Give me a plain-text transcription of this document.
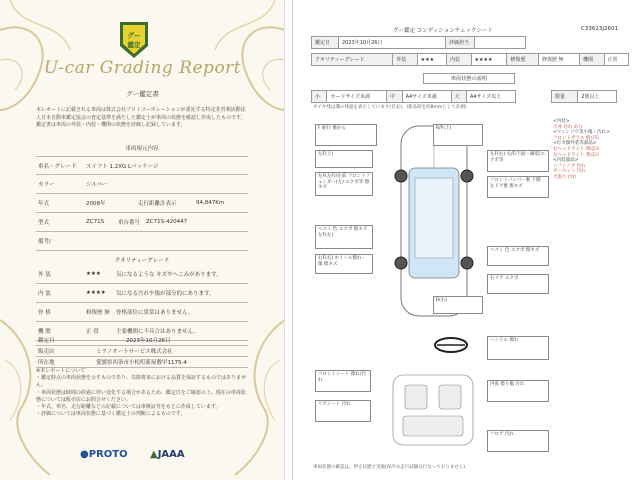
グー
鑑定
U-car Grading Report
グー鑑定書
本レポートに記載される車両は株式会社プロトコーポレーションが委託する特定非営利活動法人日本自動車鑑定協会の査定基準を満たした鑑定士が車両の状態を確認し作成したものです。鑑定書は車両の外装・内装・機関の状態を評価し記録しています。
車両規元内容
車名・グレード	スイフト 1.2XG Lパッケージ
カラー	シルバー
年式	2008年	走行距離計表示	94,847Km
型式	ZC71S	車台番号	ZC71S-420447
備考/
クオリティーグレード
外 装	★★★	気になるような キズやへこみがあります。
内 装	★★★★	気になる汚れや傷が部分的にあります。
骨 格	修復歴 無	骨格部位に異常はありません。
機 関	正 常	主要機関に不具合はありません。
鑑定日	2023年10月26日
販売店	ミラノオートサービス株式会社
所在地	愛媛県西条市小松町新屋敷甲1175-4
※本レポートについて
・鑑定時点の車両状態を示すものであり、以降将来における品質を保証するものではありません。
・車両状態は時間の経過に伴い変化する場合があるため、鑑定日をご確認の上、現在の車両状態については販売店にお問合せください。
・年式、車名、走行距離などの記載については車検証等をもとに作成しています。
・評価については車両状態に基づく鑑定士の判断によるものです。
●PROTO ▲JAAA
グー鑑定 コンディションチェックシート	C33623J2601
鑑定日	2023年10月26日	評価担当	
クオリティーグレード	外装	★★★	内装	★★★★	修復歴	修復歴 無	機関	正常
車両状態の説明
小	カードサイズ未満	中	A4サイズ未満	大	A4サイズ以上	数量	2箇以上
タイヤ残は溝の残量を表示しています(目安)。(新品時を約8mmとして計測)
F 蛇行 裏から	R/F(上)
左F(上)	左F(右) 左/F/下面・線装/エクボ等
左F(左F)/左前 フロントフェンダー(左) エクボ等 擦キズ
フロントバンパー裏 下側 左ドア裏 擦キズ
ヘコミ 色 エクボ 擦キズ 左F(左)
右F(右) ホイール擦れ・傷 擦キズ
ヘコミ 色 エクボ 擦キズ
右リア エクボ
R(右)
<内装>
天井 汚れ あり
<ウィンドウ等小傷・汚れ>
フロントガラス 飛び石
<灯火類外装等部品>
右ヘッドライト 黄ばみ
左ヘッドライト 黄ばみ
<内装部品>
シフトノブ 汚れ
カーペット 汚れ
天張り 汚れ
ハンドル 擦れ
フロントシート 擦れ/汚れ
リアシート 汚れ
内張 擦り傷 汚れ
フロア 汚れ
車両状態の確認は、停止状態で実施(保冷水走行試験は行なっておりません)
